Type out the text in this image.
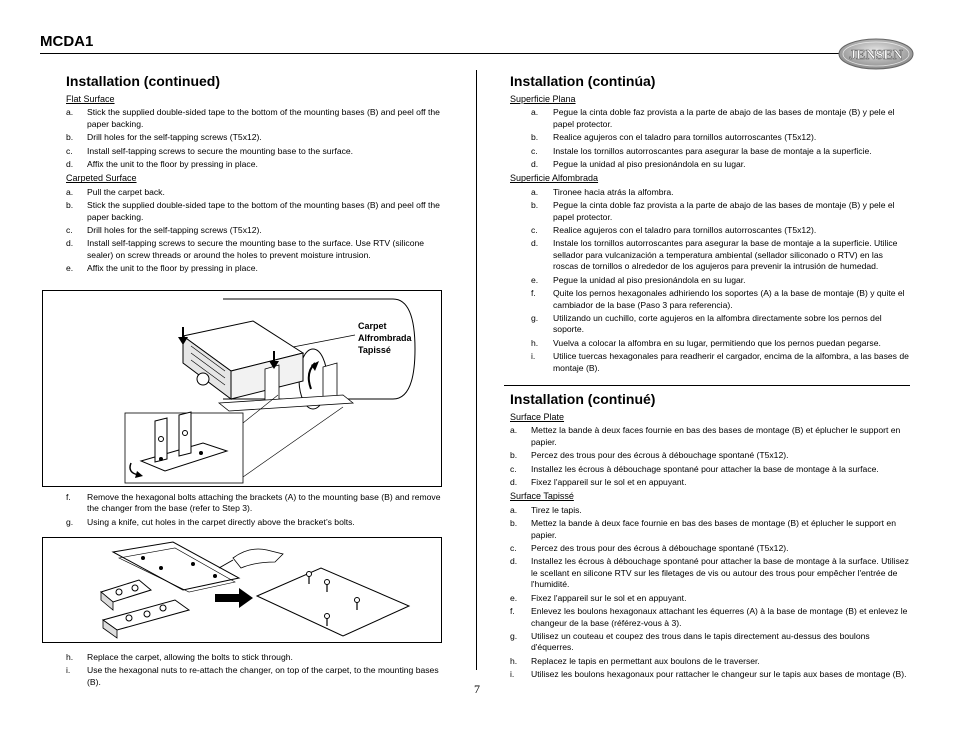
MCDA1
JENSEN
7
Installation (continued)
Flat Surface
a.	Stick the supplied double-sided tape to the bottom of the mounting bases (B) and peel off the paper backing.
b.	Drill holes for the self-tapping screws (T5x12).
c.	Install self-tapping screws to secure the mounting base to the surface.
d.	Affix the unit to the floor by pressing in place.
Carpeted Surface
a.	Pull the carpet back.
b.	Stick the supplied double-sided tape to the bottom of the mounting bases (B) and peel off the paper backing.
c.	Drill holes for the self-tapping screws (T5x12).
d.	Install self-tapping screws to secure the mounting base to the surface. Use RTV (silicone sealer) on screw threads or around the holes to prevent moisture intrusion.
e.	Affix the unit to the floor by pressing in place.
Carpet
Alfrombrada
Tapissé
f.	Remove the hexagonal bolts attaching the brackets (A) to the mounting base (B) and remove the changer from the base (refer to Step 3).
g.	Using a knife, cut holes in the carpet directly above the bracket’s bolts.
h.	Replace the carpet, allowing the bolts to stick through.
i.	Use the hexagonal nuts to re-attach the changer, on top of the carpet, to the mounting bases (B).
Installation (continúa)
Superficie Plana
a.	Pegue la cinta doble faz provista a la parte de abajo de las bases de montaje (B) y pele el papel protector.
b.	Realice agujeros con el taladro para tornillos autorroscantes (T5x12).
c.	Instale los tornillos autorroscantes para asegurar la base de montaje a la superficie.
d.	Pegue la unidad al piso presionándola en su lugar.
Superficie Alfombrada
a.	Tironee hacia atrás la alfombra.
b.	Pegue la cinta doble faz provista a la parte de abajo de las bases de montaje (B) y pele el papel protector.
c.	Realice agujeros con el taladro para tornillos autorroscantes (T5x12).
d.	Instale los tornillos autorroscantes para asegurar la base de montaje a la superficie. Utilice sellador para vulcanización a temperatura ambiental (sellador siliconado o RTV) en las roscas de tornillos o alrededor de los agujeros para prevenir la intrusión de humedad.
e.	Pegue la unidad al piso presionándola en su lugar.
f.	Quite los pernos hexagonales adhiriendo los soportes (A) a la base de montaje (B) y quite el cambiador de la base (Paso 3 para referencia).
g.	Utilizando un cuchillo, corte agujeros en la alfombra directamente sobre los pernos del soporte.
h.	Vuelva a colocar la alfombra en su lugar, permitiendo que los pernos puedan pegarse.
i.	Utilice tuercas hexagonales para readherir el cargador, encima de la alfombra, a las bases de montaje (B).
Installation (continué)
Surface Plate
a.	Mettez la bande à deux faces fournie en bas des bases de montage (B) et éplucher le support en papier.
b.	Percez des trous pour des écrous à débouchage spontané (T5x12).
c.	Installez les écrous à débouchage spontané pour attacher la base de montage à la surface.
d.	Fixez l'appareil sur le sol et en appuyant.
Surface Tapissé
a.	Tirez le tapis.
b.	Mettez la bande à deux face fournie en bas des bases de montage (B) et éplucher le support en papier.
c.	Percez des trous pour des écrous à débouchage spontané (T5x12).
d.	Installez les écrous à débouchage spontané pour attacher la base de montage à la surface. Utilisez le scellant en silicone RTV sur les filetages de vis ou autour des trous pour empêcher l'entrée de l'humidité.
e.	Fixez l'appareil sur le sol et en appuyant.
f.	Enlevez les boulons hexagonaux attachant les équerres (A) à la base de montage (B) et enlevez le changeur de la base (référez-vous à 3).
g.	Utilisez un couteau et coupez des trous dans le tapis directement au-dessus des boulons d'équerres.
h.	Replacez le tapis en permettant aux boulons de le traverser.
i.	Utilisez les boulons hexagonaux pour rattacher le changeur sur le tapis aux bases de montage (B).
